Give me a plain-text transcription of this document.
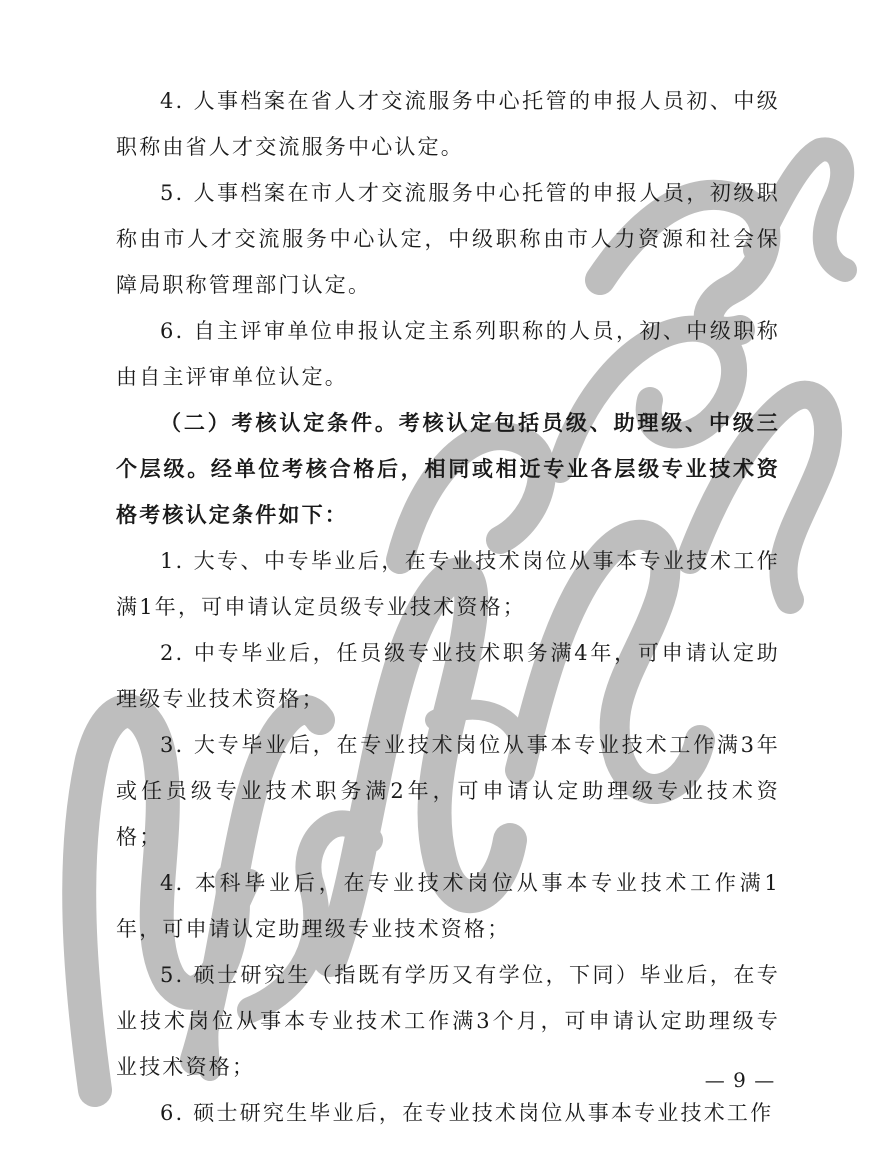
4. 人事档案在省人才交流服务中心托管的申报人员初、中级职称由省人才交流服务中心认定。

5. 人事档案在市人才交流服务中心托管的申报人员，初级职称由市人才交流服务中心认定，中级职称由市人力资源和社会保障局职称管理部门认定。

6. 自主评审单位申报认定主系列职称的人员，初、中级职称由自主评审单位认定。

（二）考核认定条件。考核认定包括员级、助理级、中级三个层级。经单位考核合格后，相同或相近专业各层级专业技术资格考核认定条件如下：

1. 大专、中专毕业后，在专业技术岗位从事本专业技术工作满1年，可申请认定员级专业技术资格；

2. 中专毕业后，任员级专业技术职务满4年，可申请认定助理级专业技术资格；

3. 大专毕业后，在专业技术岗位从事本专业技术工作满3年或任员级专业技术职务满2年，可申请认定助理级专业技术资格；

4. 本科毕业后，在专业技术岗位从事本专业技术工作满1年，可申请认定助理级专业技术资格；

5. 硕士研究生（指既有学历又有学位，下同）毕业后，在专业技术岗位从事本专业技术工作满3个月，可申请认定助理级专业技术资格；

6. 硕士研究生毕业后，在专业技术岗位从事本专业技术工作

— 9 —
